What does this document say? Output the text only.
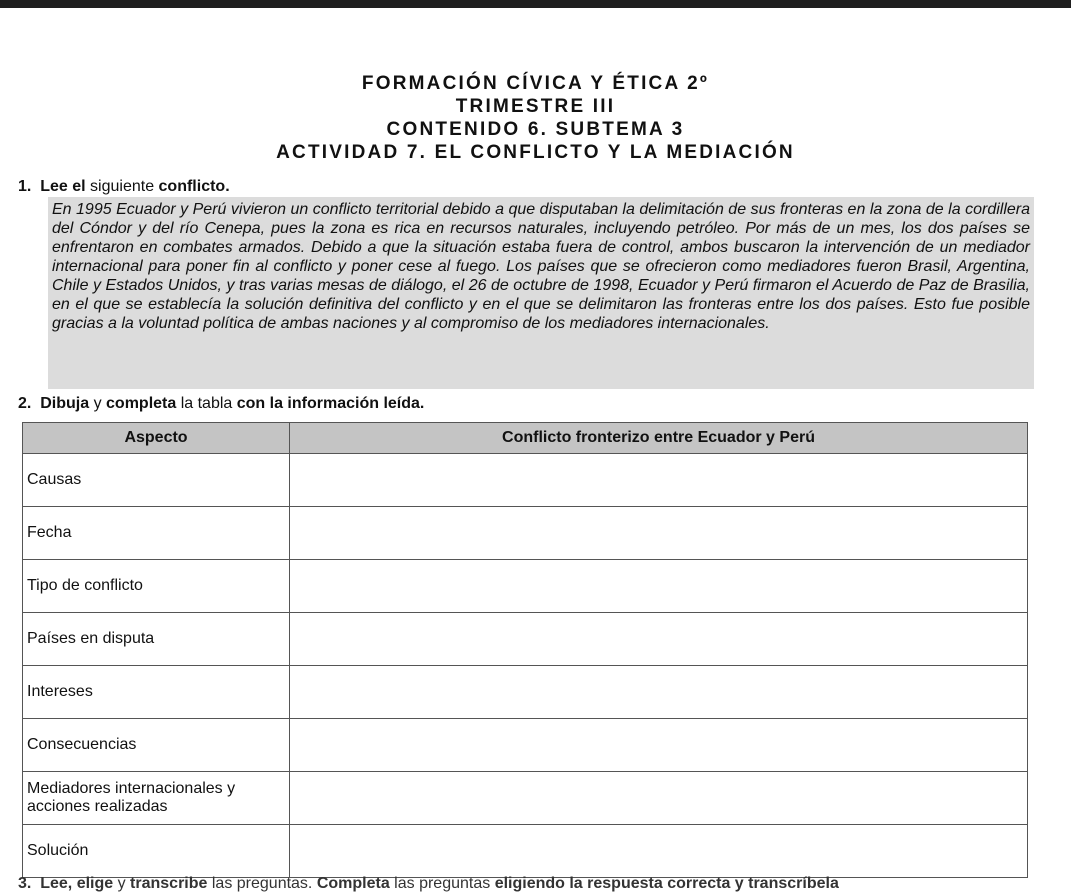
FORMACIÓN CÍVICA Y ÉTICA 2º
TRIMESTRE III
CONTENIDO 6. SUBTEMA 3
ACTIVIDAD 7. EL CONFLICTO Y LA MEDIACIÓN
1. Lee el siguiente conflicto.
En 1995 Ecuador y Perú vivieron un conflicto territorial debido a que disputaban la delimitación de sus fronteras en la zona de la cordillera del Cóndor y del río Cenepa, pues la zona es rica en recursos naturales, incluyendo petróleo. Por más de un mes, los dos países se enfrentaron en combates armados. Debido a que la situación estaba fuera de control, ambos buscaron la intervención de un mediador internacional para poner fin al conflicto y poner cese al fuego. Los países que se ofrecieron como mediadores fueron Brasil, Argentina, Chile y Estados Unidos, y tras varias mesas de diálogo, el 26 de octubre de 1998, Ecuador y Perú firmaron el Acuerdo de Paz de Brasilia, en el que se establecía la solución definitiva del conflicto y en el que se delimitaron las fronteras entre los dos países. Esto fue posible gracias a la voluntad política de ambas naciones y al compromiso de los mediadores internacionales.
2. Dibuja y completa la tabla con la información leída.
Aspecto	Conflicto fronterizo entre Ecuador y Perú
Causas	
Fecha	
Tipo de conflicto	
Países en disputa	
Intereses	
Consecuencias	
Mediadores internacionales y acciones realizadas	
Solución	
3. Lee, elige y transcribe las preguntas. Completa las preguntas eligiendo la respuesta correcta y transcríbela
